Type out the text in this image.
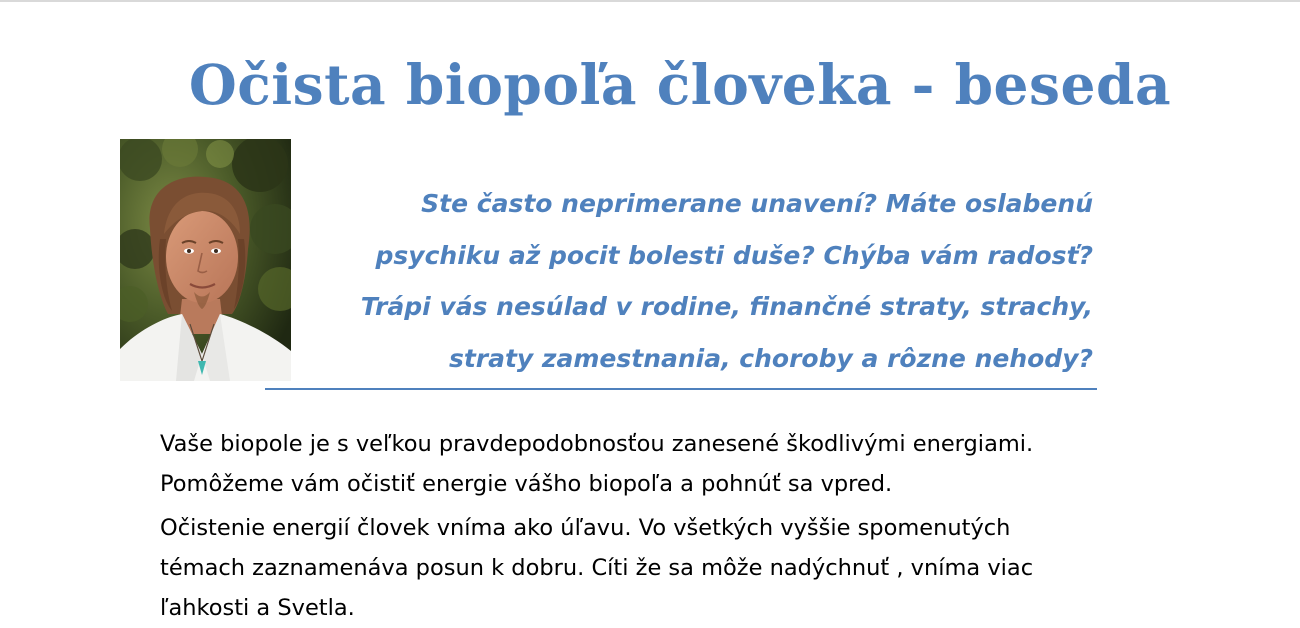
Očista biopoľa človeka - beseda
Ste často neprimerane unavení? Máte oslabenú
psychiku až pocit bolesti duše? Chýba vám radosť?
Trápi vás nesúlad v rodine, finančné straty, strachy,
straty zamestnania, choroby a rôzne nehody?

Vaše biopole je s veľkou pravdepodobnosťou zanesené škodlivými energiami.
Pomôžeme vám očistiť energie vášho biopoľa a pohnúť sa vpred.

Očistenie energií človek vníma ako úľavu. Vo všetkých vyššie spomenutých
témach zaznamenáva posun k dobru. Cíti že sa môže nadýchnuť , vníma viac
ľahkosti a Svetla.
